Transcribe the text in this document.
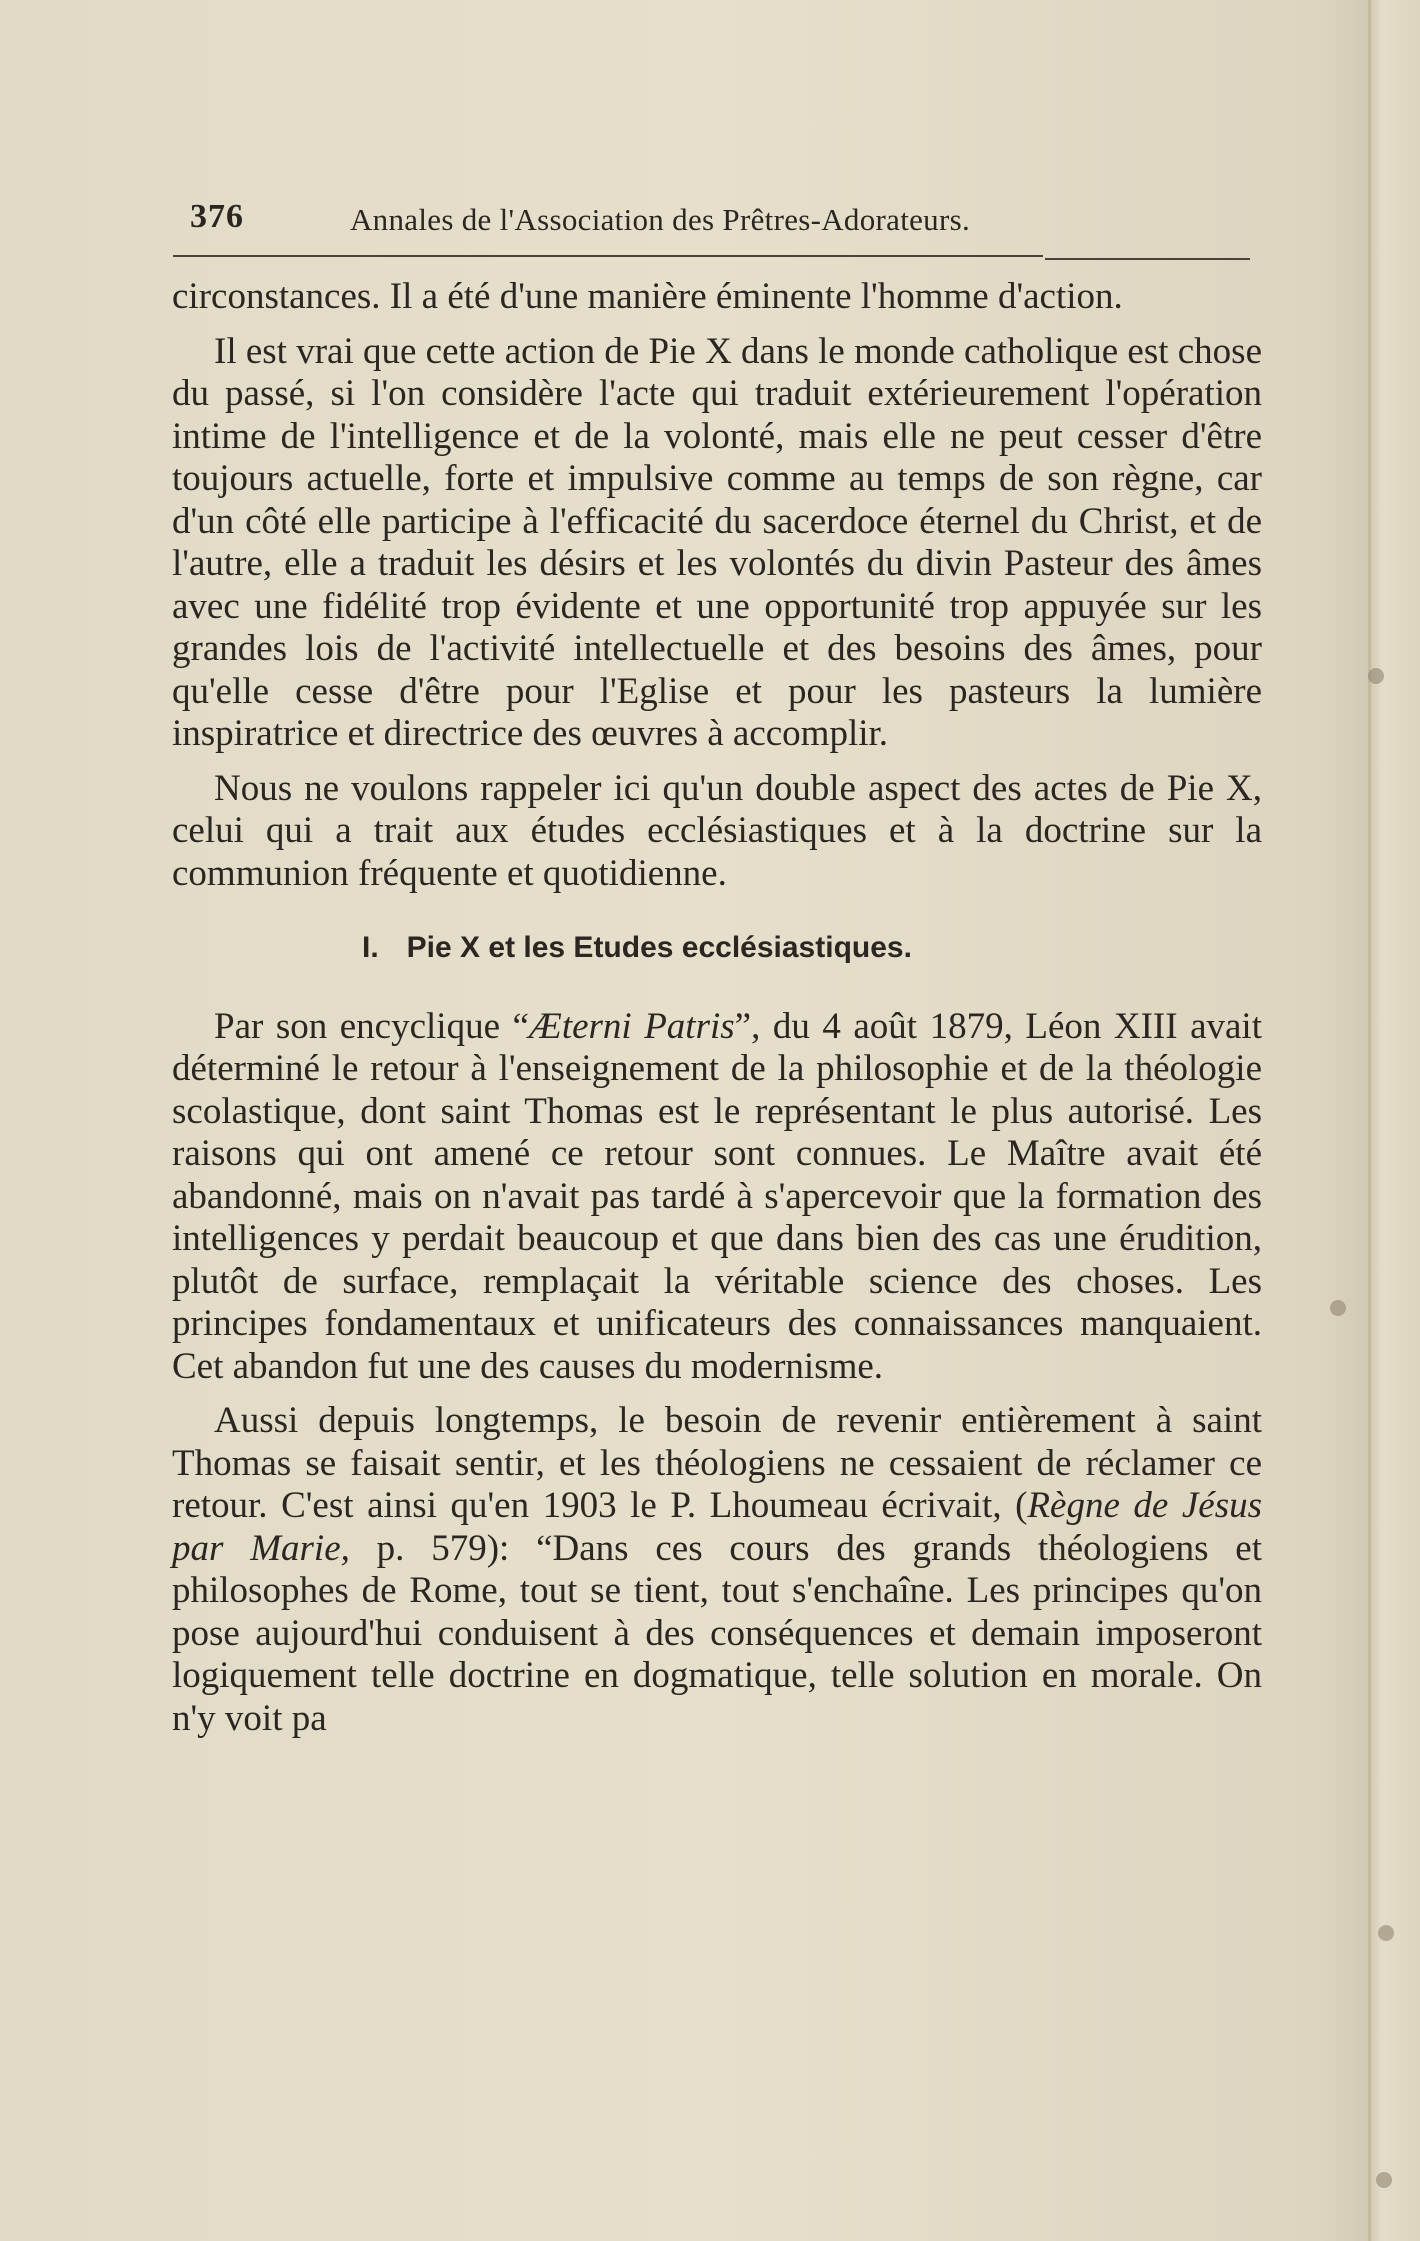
376	Annales de l'Association des Prêtres-Adorateurs.

circonstances. Il a été d'une manière éminente l'homme d'action.

Il est vrai que cette action de Pie X dans le monde catholique est chose du passé, si l'on considère l'acte qui traduit extérieurement l'opération intime de l'intelligence et de la volonté, mais elle ne peut cesser d'être toujours actuelle, forte et impulsive comme au temps de son règne, car d'un côté elle participe à l'efficacité du sacerdoce éternel du Christ, et de l'autre, elle a traduit les désirs et les volontés du divin Pasteur des âmes avec une fidélité trop évidente et une opportunité trop appuyée sur les grandes lois de l'activité intellectuelle et des besoins des âmes, pour qu'elle cesse d'être pour l'Eglise et pour les pasteurs la lumière inspiratrice et directrice des œuvres à accomplir.

Nous ne voulons rappeler ici qu'un double aspect des actes de Pie X, celui qui a trait aux études ecclésiastiques et à la doctrine sur la communion fréquente et quotidienne.

I. Pie X et les Etudes ecclésiastiques.

Par son encyclique “Æterni Patris”, du 4 août 1879, Léon XIII avait déterminé le retour à l'enseignement de la philosophie et de la théologie scolastique, dont saint Thomas est le représentant le plus autorisé. Les raisons qui ont amené ce retour sont connues. Le Maître avait été abandonné, mais on n'avait pas tardé à s'apercevoir que la formation des intelligences y perdait beaucoup et que dans bien des cas une érudition, plutôt de surface, remplaçait la véritable science des choses. Les principes fondamentaux et unificateurs des connaissances manquaient. Cet abandon fut une des causes du modernisme.

Aussi depuis longtemps, le besoin de revenir entièrement à saint Thomas se faisait sentir, et les théologiens ne cessaient de réclamer ce retour. C'est ainsi qu'en 1903 le P. Lhoumeau écrivait, (Règne de Jésus par Marie, p. 579): “Dans ces cours des grands théologiens et philosophes de Rome, tout se tient, tout s'enchaîne. Les principes qu'on pose aujourd'hui conduisent à des conséquences et demain imposeront logiquement telle doctrine en dogmatique, telle solution en morale. On n'y voit pa
